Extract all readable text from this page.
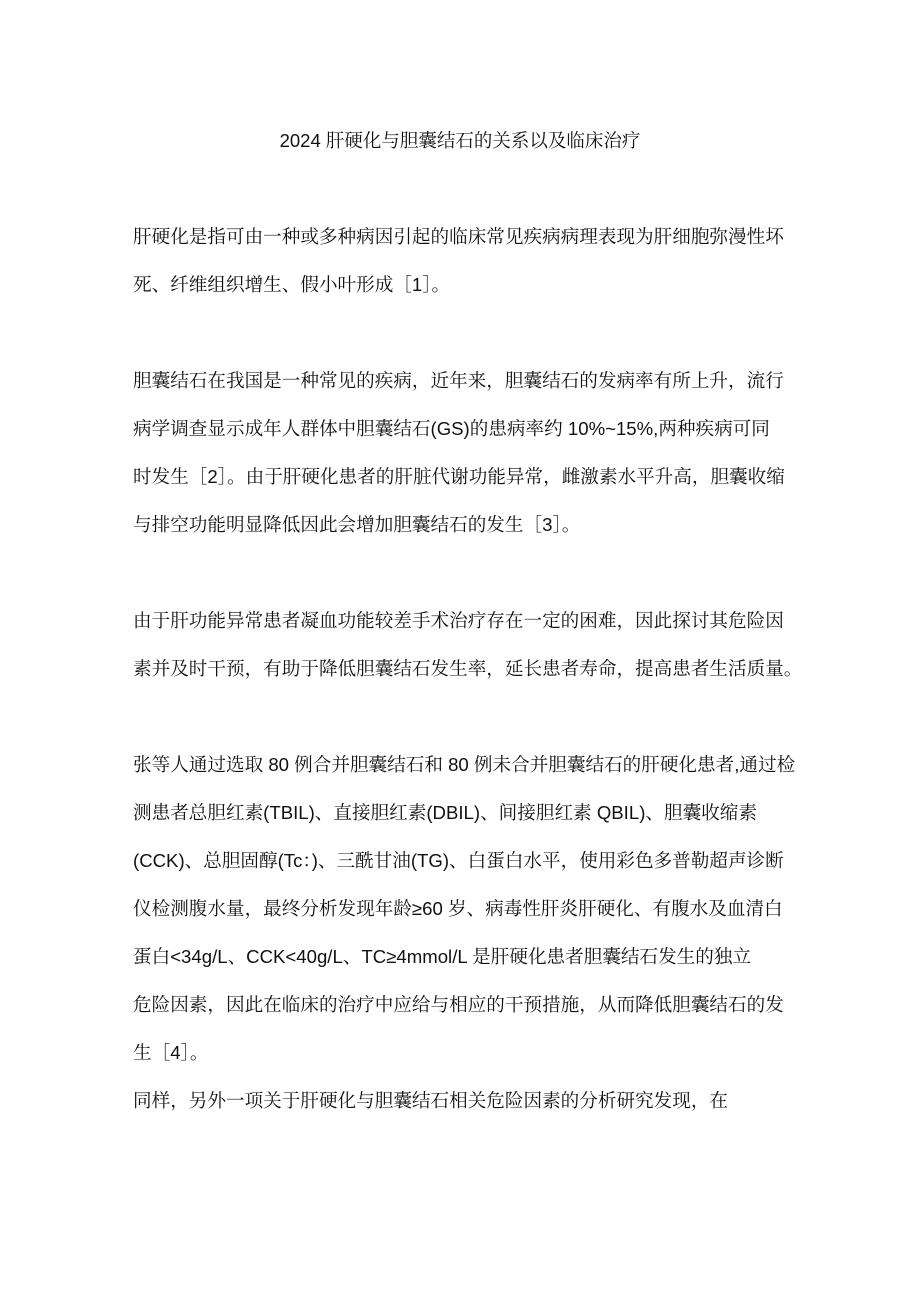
2024 肝硬化与胆囊结石的关系以及临床治疗
肝硬化是指可由一种或多种病因引起的临床常见疾病病理表现为肝细胞弥漫性坏
死、纤维组织增生、假小叶形成［1］。
胆囊结石在我国是一种常见的疾病，近年来，胆囊结石的发病率有所上升，流行
病学调查显示成年人群体中胆囊结石(GS)的患病率约 10%~15%,两种疾病可同
时发生［2］。由于肝硬化患者的肝脏代谢功能异常，雌激素水平升高，胆囊收缩
与排空功能明显降低因此会增加胆囊结石的发生［3］。
由于肝功能异常患者凝血功能较差手术治疗存在一定的困难，因此探讨其危险因
素并及时干预，有助于降低胆囊结石发生率，延长患者寿命，提高患者生活质量。
张等人通过选取 80 例合并胆囊结石和 80 例未合并胆囊结石的肝硬化患者,通过检
测患者总胆红素(TBIL)、直接胆红素(DBIL)、间接胆红素 QBIL)、胆囊收缩素
(CCK)、总胆固醇(Tc：)、三酰甘油(TG)、白蛋白水平，使用彩色多普勒超声诊断
仪检测腹水量，最终分析发现年龄≥60 岁、病毒性肝炎肝硬化、有腹水及血清白
蛋白<34g/L、CCK<40g/L、TC≥4mmol/L 是肝硬化患者胆囊结石发生的独立
危险因素，因此在临床的治疗中应给与相应的干预措施，从而降低胆囊结石的发
生［4］。
同样，另外一项关于肝硬化与胆囊结石相关危险因素的分析研究发现，在
